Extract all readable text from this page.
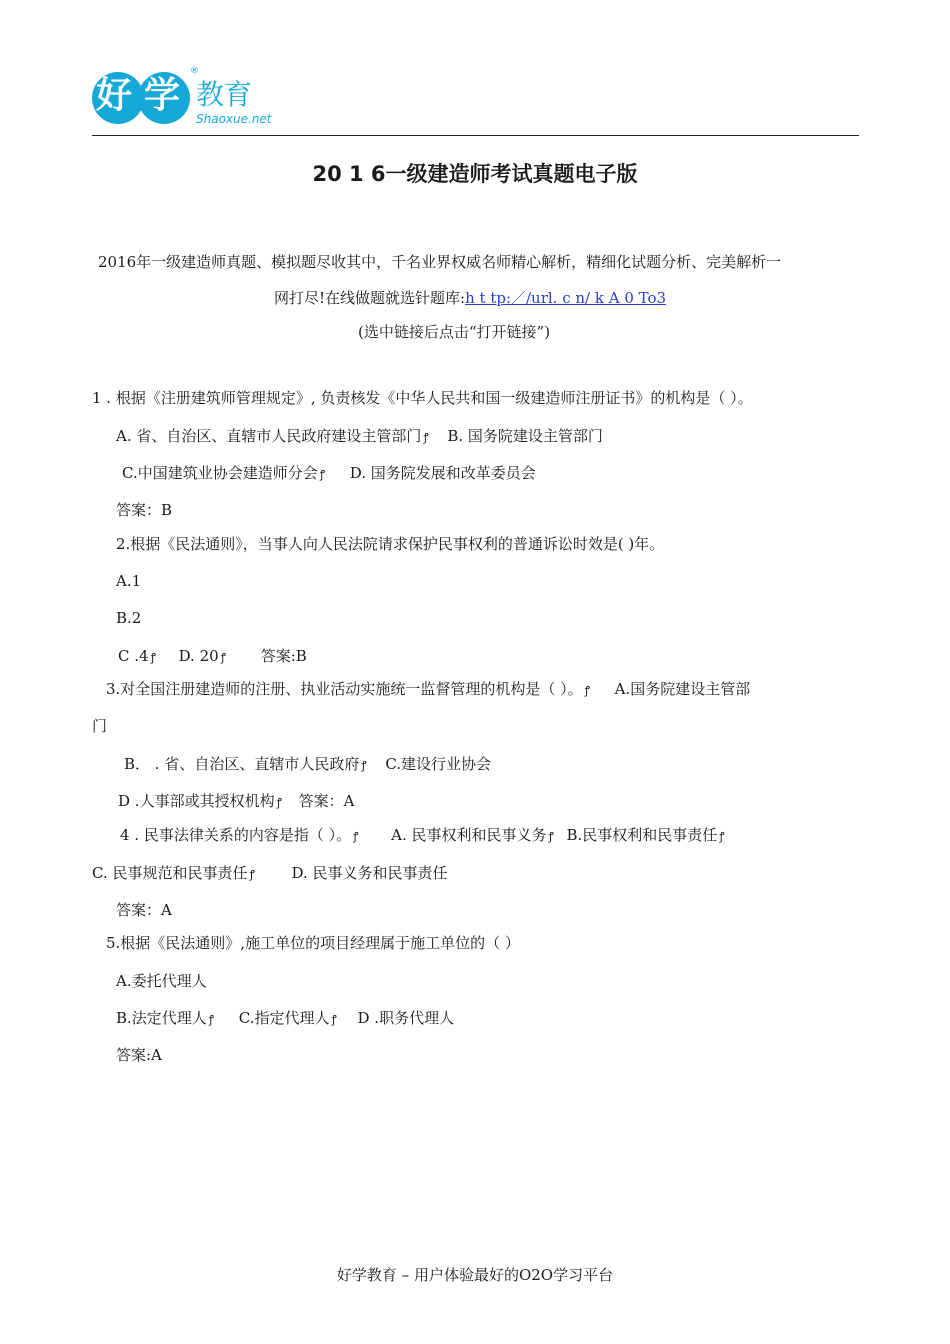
好 学
®
教育
Shaoxue.net
20 1 6一级建造师考试真题电子版
2016年一级建造师真题、模拟题尽收其中，千名业界权威名师精心解析，精细化试题分析、完美解析一
网打尽!在线做题就选针题库:h t tp:／/url. c n/ k A 0 To3
(选中链接后点击“打开链接”)
1 . 根据《注册建筑师管理规定》, 负责核发《中华人民共和国一级建造师注册证书》的机构是（ ）。
A. 省、自治区、直辖市人民政府建设主管部门 ꝭ B. 国务院建设主管部门
C.中国建筑业协会建造师分会 ꝭ D. 国务院发展和改革委员会
答案：B
2.根据《民法通则》，当事人向人民法院请求保护民事权利的普通诉讼时效是( )年。
A.1
B.2
C .4 ꝭ D. 20 ꝭ 答案:B
3.对全国注册建造师的注册、执业活动实施统一监督管理的机构是（ ）。 ꝭ A.国务院建设主管部
门
B． . 省、自治区、直辖市人民政府 ꝭ C.建设行业协会
D .人事部或其授权机构 ꝭ 答案：A
4 . 民事法律关系的内容是指（ ）。 ꝭ A. 民事权利和民事义务 ꝭ B.民事权利和民事责任 ꝭ
C. 民事规范和民事责任 ꝭ D. 民事义务和民事责任
答案：A
5.根据《民法通则》,施工单位的项目经理属于施工单位的（ ）
A.委托代理人
B.法定代理人 ꝭ C.指定代理人 ꝭ D .职务代理人
答案:A
好学教育 – 用户体验最好的O2O学习平台
